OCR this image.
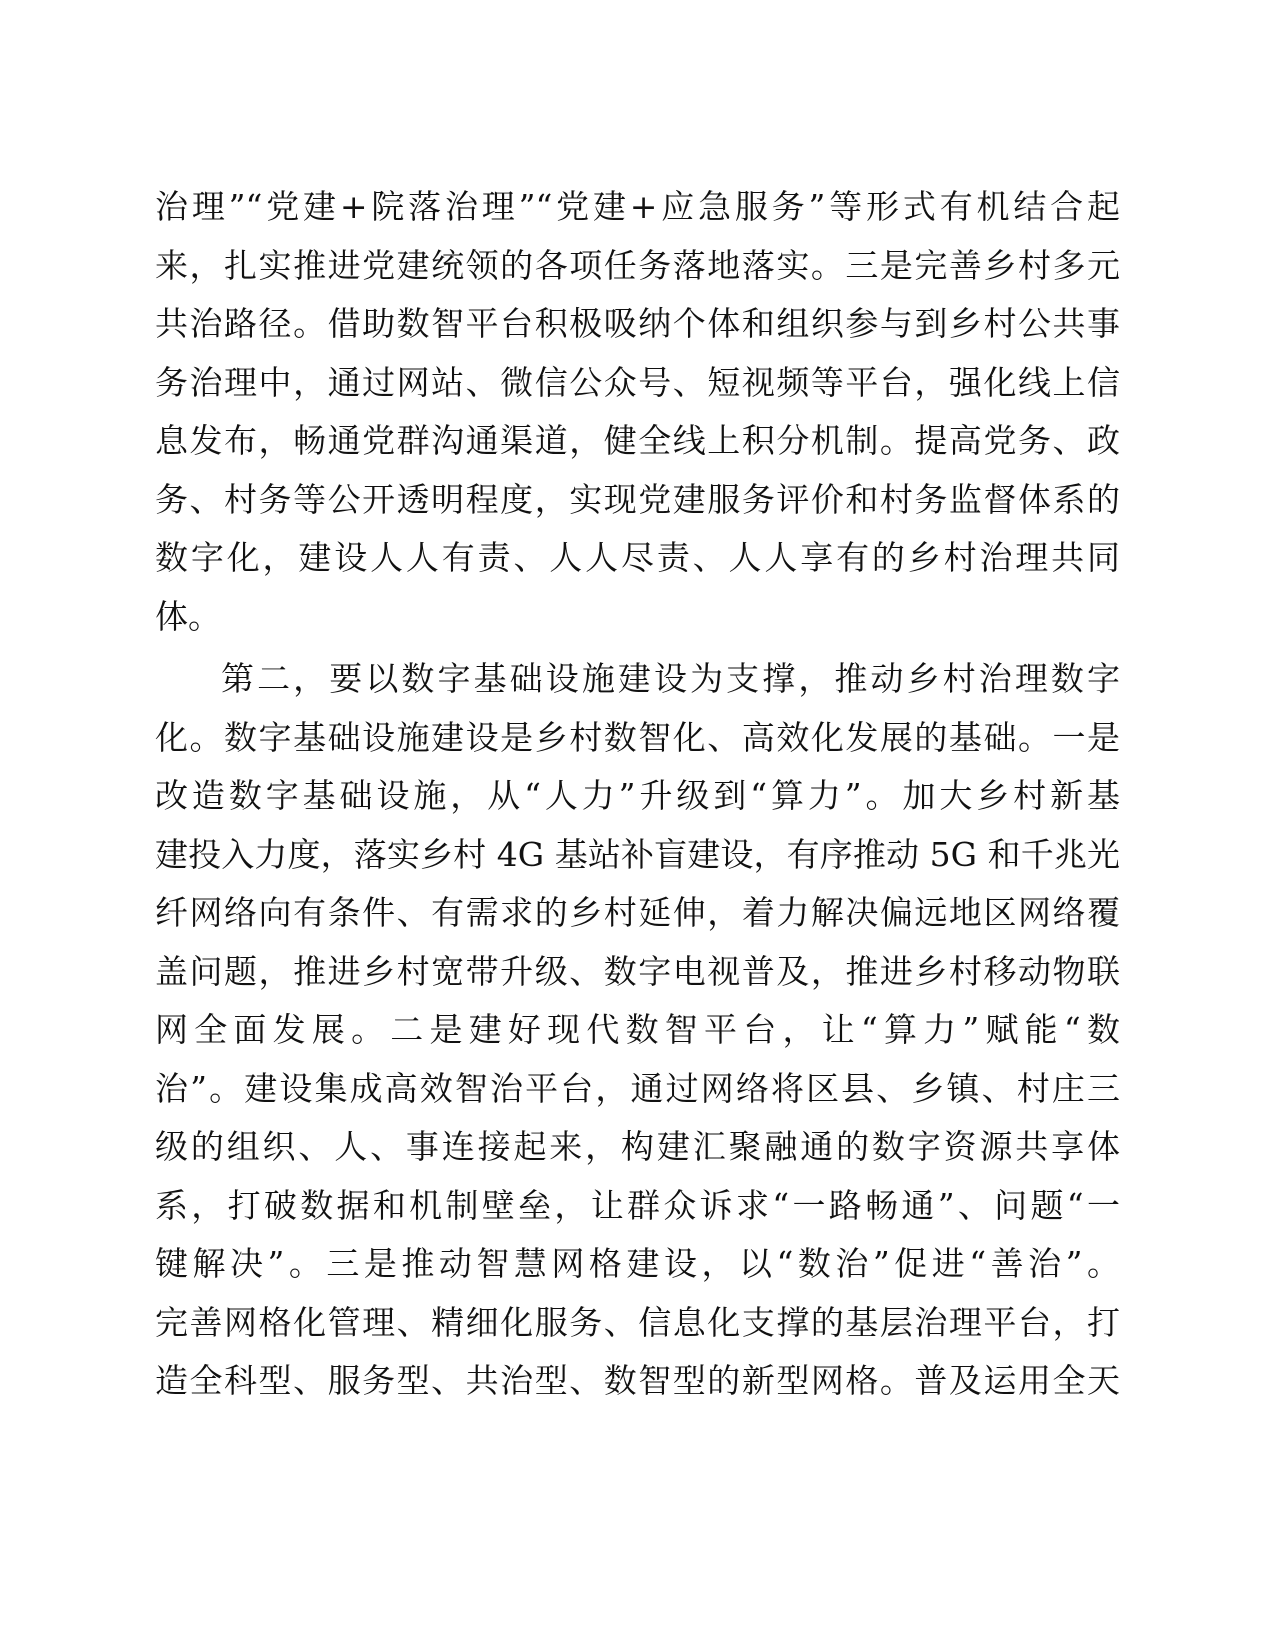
治理”“党建+院落治理”“党建+应急服务”等形式有机结合起
来，扎实推进党建统领的各项任务落地落实。三是完善乡村多元
共治路径。借助数智平台积极吸纳个体和组织参与到乡村公共事
务治理中，通过网站、微信公众号、短视频等平台，强化线上信
息发布，畅通党群沟通渠道，健全线上积分机制。提高党务、政
务、村务等公开透明程度，实现党建服务评价和村务监督体系的
数字化，建设人人有责、人人尽责、人人享有的乡村治理共同
体。
第二，要以数字基础设施建设为支撑，推动乡村治理数字
化。数字基础设施建设是乡村数智化、高效化发展的基础。一是
改造数字基础设施，从“人力”升级到“算力”。加大乡村新基
建投入力度，落实乡村 4G 基站补盲建设，有序推动 5G 和千兆光
纤网络向有条件、有需求的乡村延伸，着力解决偏远地区网络覆
盖问题，推进乡村宽带升级、数字电视普及，推进乡村移动物联
网全面发展。二是建好现代数智平台，让“算力”赋能“数
治”。建设集成高效智治平台，通过网络将区县、乡镇、村庄三
级的组织、人、事连接起来，构建汇聚融通的数字资源共享体
系，打破数据和机制壁垒，让群众诉求“一路畅通”、问题“一
键解决”。三是推动智慧网格建设，以“数治”促进“善治”。
完善网格化管理、精细化服务、信息化支撑的基层治理平台，打
造全科型、服务型、共治型、数智型的新型网格。普及运用全天
